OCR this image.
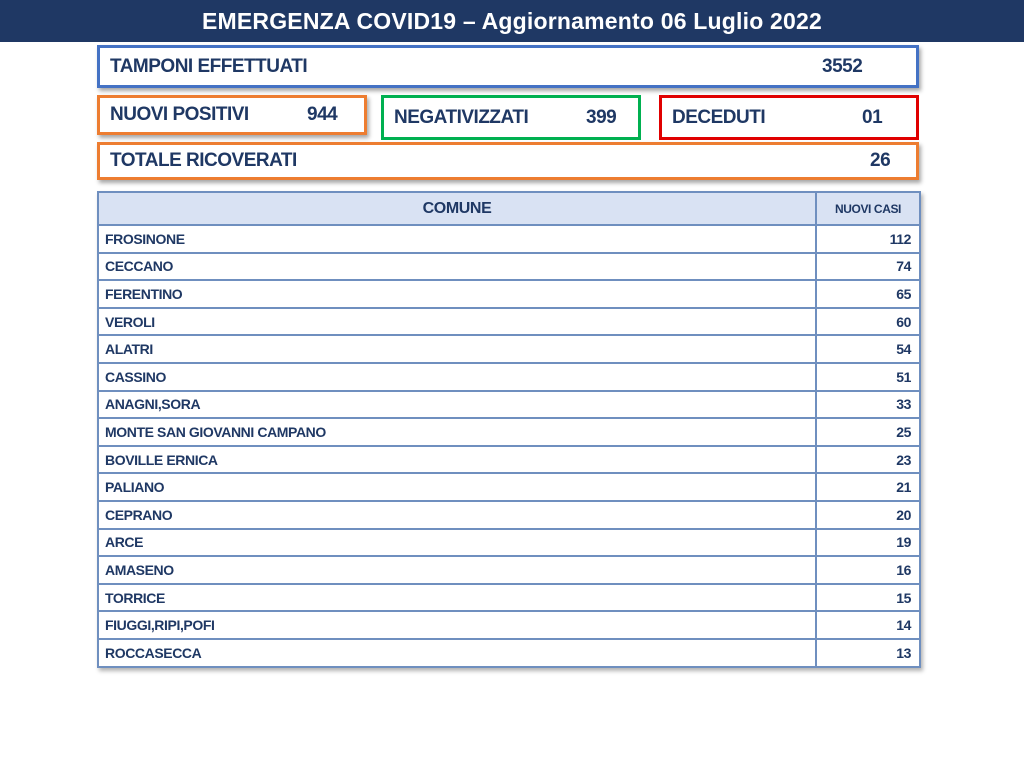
EMERGENZA COVID19 – Aggiornamento 06 Luglio 2022
TAMPONI EFFETTUATI	3552
NUOVI POSITIVI	944	NEGATIVIZZATI	399	DECEDUTI	01
TOTALE RICOVERATI	26
COMUNE	NUOVI CASI
FROSINONE	112
CECCANO	74
FERENTINO	65
VEROLI	60
ALATRI	54
CASSINO	51
ANAGNI,SORA	33
MONTE SAN GIOVANNI CAMPANO	25
BOVILLE ERNICA	23
PALIANO	21
CEPRANO	20
ARCE	19
AMASENO	16
TORRICE	15
FIUGGI,RIPI,POFI	14
ROCCASECCA	13
